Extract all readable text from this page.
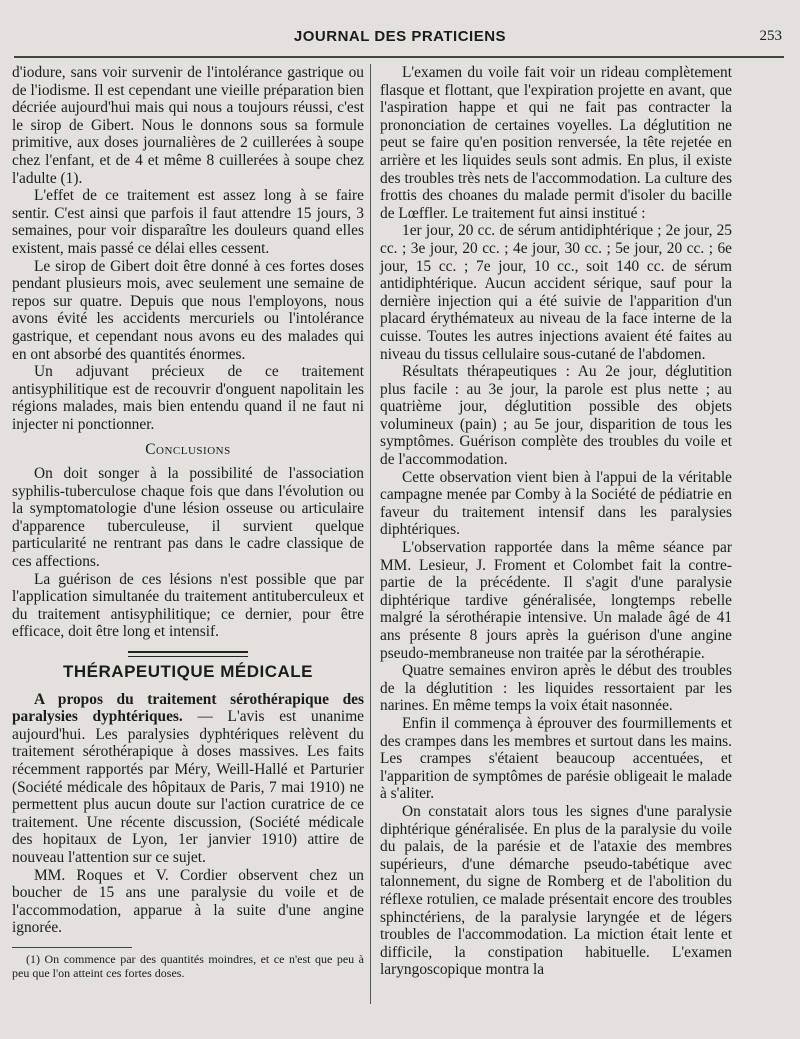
JOURNAL DES PRATICIENS	253

d'iodure, sans voir survenir de l'intolérance gastrique ou de l'iodisme. Il est cependant une vieille préparation bien décriée aujourd'hui mais qui nous a toujours réussi, c'est le sirop de Gibert. Nous le donnons sous sa formule primitive, aux doses journalières de 2 cuillerées à soupe chez l'enfant, et de 4 et même 8 cuillerées à soupe chez l'adulte (1).

L'effet de ce traitement est assez long à se faire sentir. C'est ainsi que parfois il faut attendre 15 jours, 3 semaines, pour voir disparaître les douleurs quand elles existent, mais passé ce délai elles cessent.

Le sirop de Gibert doit être donné à ces fortes doses pendant plusieurs mois, avec seulement une semaine de repos sur quatre. Depuis que nous l'employons, nous avons évité les accidents mercuriels ou l'intolérance gastrique, et cependant nous avons eu des malades qui en ont absorbé des quantités énormes.

Un adjuvant précieux de ce traitement antisyphilitique est de recouvrir d'onguent napolitain les régions malades, mais bien entendu quand il ne faut ni injecter ni ponctionner.

Conclusions

On doit songer à la possibilité de l'association syphilis-tuberculose chaque fois que dans l'évolution ou la symptomatologie d'une lésion osseuse ou articulaire d'apparence tuberculeuse, il survient quelque particularité ne rentrant pas dans le cadre classique de ces affections.

La guérison de ces lésions n'est possible que par l'application simultanée du traitement antituberculeux et du traitement antisyphilitique; ce dernier, pour être efficace, doit être long et intensif.

THÉRAPEUTIQUE MÉDICALE

A propos du traitement sérothérapique des paralysies dyphtériques. — L'avis est unanime aujourd'hui. Les paralysies dyphtériques relèvent du traitement sérothérapique à doses massives. Les faits récemment rapportés par Méry, Weill-Hallé et Parturier (Société médicale des hôpitaux de Paris, 7 mai 1910) ne permettent plus aucun doute sur l'action curatrice de ce traitement. Une récente discussion, (Société médicale des hopitaux de Lyon, 1er janvier 1910) attire de nouveau l'attention sur ce sujet.

MM. Roques et V. Cordier observent chez un boucher de 15 ans une paralysie du voile et de l'accommodation, apparue à la suite d'une angine ignorée.

(1) On commence par des quantités moindres, et ce n'est que peu à peu que l'on atteint ces fortes doses.

L'examen du voile fait voir un rideau complètement flasque et flottant, que l'expiration projette en avant, que l'aspiration happe et qui ne fait pas contracter la prononciation de certaines voyelles. La déglutition ne peut se faire qu'en position renversée, la tête rejetée en arrière et les liquides seuls sont admis. En plus, il existe des troubles très nets de l'accommodation. La culture des frottis des choanes du malade permit d'isoler du bacille de Lœffler. Le traitement fut ainsi institué :

1er jour, 20 cc. de sérum antidiphtérique ; 2e jour, 25 cc. ; 3e jour, 20 cc. ; 4e jour, 30 cc. ; 5e jour, 20 cc. ; 6e jour, 15 cc. ; 7e jour, 10 cc., soit 140 cc. de sérum antidiphtérique. Aucun accident sérique, sauf pour la dernière injection qui a été suivie de l'apparition d'un placard érythémateux au niveau de la face interne de la cuisse. Toutes les autres injections avaient été faites au niveau du tissus cellulaire sous-cutané de l'abdomen.

Résultats thérapeutiques : Au 2e jour, déglutition plus facile : au 3e jour, la parole est plus nette ; au quatrième jour, déglutition possible des objets volumineux (pain) ; au 5e jour, disparition de tous les symptômes. Guérison complète des troubles du voile et de l'accommodation.

Cette observation vient bien à l'appui de la véritable campagne menée par Comby à la Société de pédiatrie en faveur du traitement intensif dans les paralysies diphtériques.

L'observation rapportée dans la même séance par MM. Lesieur, J. Froment et Colombet fait la contre-partie de la précédente. Il s'agit d'une paralysie diphtérique tardive généralisée, longtemps rebelle malgré la sérothérapie intensive. Un malade âgé de 41 ans présente 8 jours après la guérison d'une angine pseudo-membraneuse non traitée par la sérothérapie.

Quatre semaines environ après le début des troubles de la déglutition : les liquides ressortaient par les narines. En même temps la voix était nasonnée.

Enfin il commença à éprouver des fourmillements et des crampes dans les membres et surtout dans les mains. Les crampes s'étaient beaucoup accentuées, et l'apparition de symptômes de parésie obligeait le malade à s'aliter.

On constatait alors tous les signes d'une paralysie diphtérique généralisée. En plus de la paralysie du voile du palais, de la parésie et de l'ataxie des membres supérieurs, d'une démarche pseudo-tabétique avec talonnement, du signe de Romberg et de l'abolition du réflexe rotulien, ce malade présentait encore des troubles sphinctériens, de la paralysie laryngée et de légers troubles de l'accommodation. La miction était lente et difficile, la constipation habituelle. L'examen laryngoscopique montra la
